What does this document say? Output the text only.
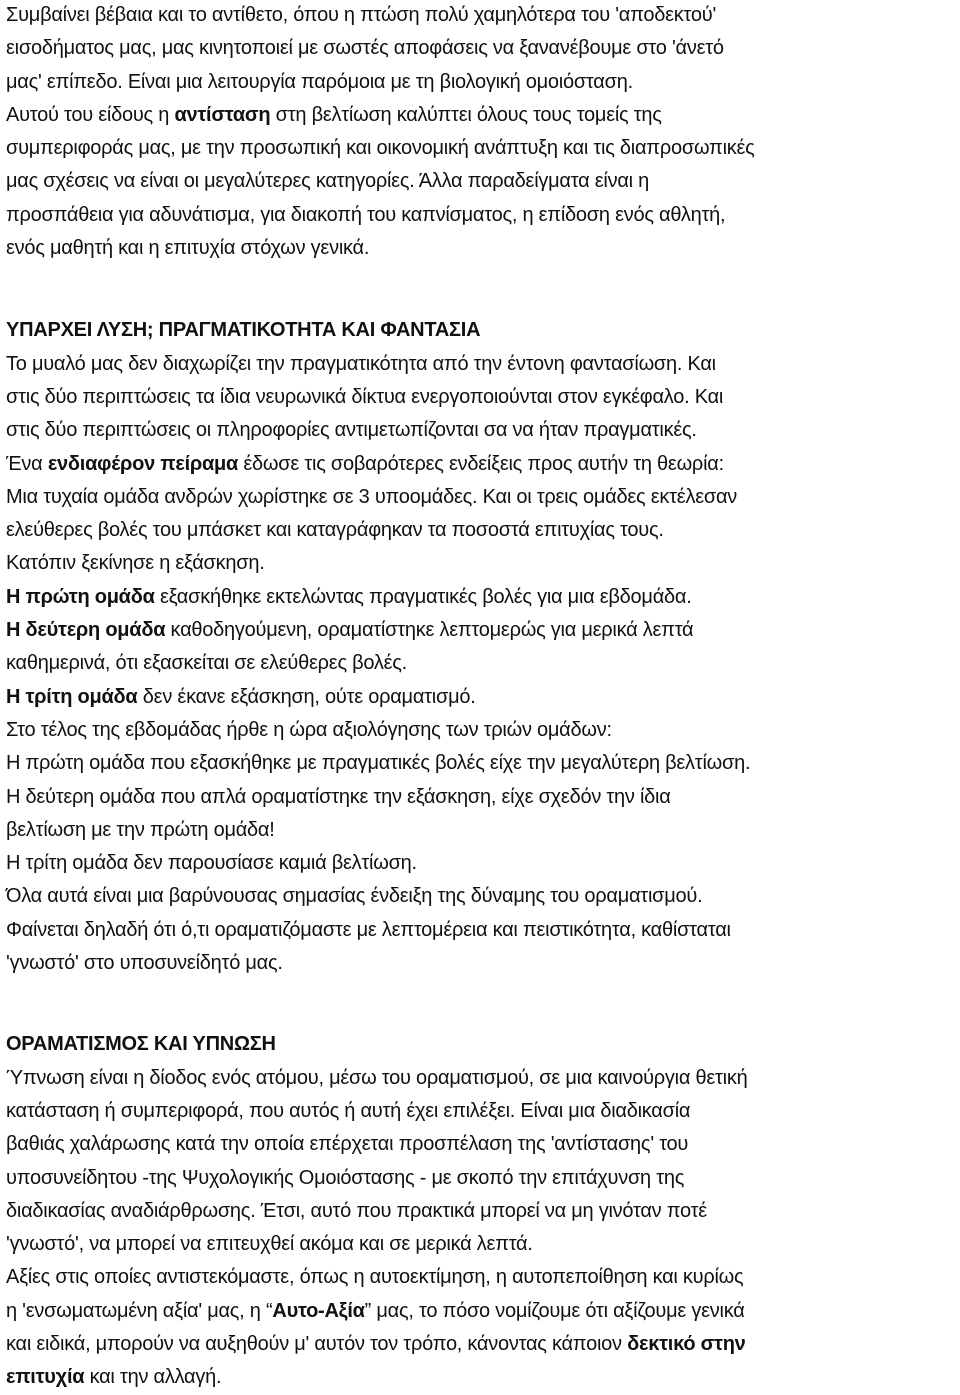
Συμβαίνει βέβαια και το αντίθετο, όπου η πτώση πολύ χαμηλότερα του 'αποδεκτού'
εισοδήματος μας, μας κινητοποιεί με σωστές αποφάσεις να ξανανέβουμε στο 'άνετό
μας' επίπεδο. Είναι μια λειτουργία παρόμοια με τη βιολογική ομοιόσταση.
Αυτού του είδους η αντίσταση στη βελτίωση καλύπτει όλους τους τομείς της
συμπεριφοράς μας, με την προσωπική και οικονομική ανάπτυξη και τις διαπροσωπικές
μας σχέσεις να είναι οι μεγαλύτερες κατηγορίες. Άλλα παραδείγματα είναι η
προσπάθεια για αδυνάτισμα, για διακοπή του καπνίσματος, η επίδοση ενός αθλητή,
ενός μαθητή και η επιτυχία στόχων γενικά.
ΥΠΑΡΧΕΙ ΛΥΣΗ; ΠΡΑΓΜΑΤΙΚΟΤΗΤΑ ΚΑΙ ΦΑΝΤΑΣΙΑ
Το μυαλό μας δεν διαχωρίζει την πραγματικότητα από την έντονη φαντασίωση. Και
στις δύο περιπτώσεις τα ίδια νευρωνικά δίκτυα ενεργοποιούνται στον εγκέφαλο. Και
στις δύο περιπτώσεις οι πληροφορίες αντιμετωπίζονται σα να ήταν πραγματικές.
Ένα ενδιαφέρον πείραμα έδωσε τις σοβαρότερες ενδείξεις προς αυτήν τη θεωρία:
Μια τυχαία ομάδα ανδρών χωρίστηκε σε 3 υποομάδες. Και οι τρεις ομάδες εκτέλεσαν
ελεύθερες βολές του μπάσκετ και καταγράφηκαν τα ποσοστά επιτυχίας τους.
Κατόπιν ξεκίνησε η εξάσκηση.
Η πρώτη ομάδα εξασκήθηκε εκτελώντας πραγματικές βολές για μια εβδομάδα.
Η δεύτερη ομάδα καθοδηγούμενη, οραματίστηκε λεπτομερώς για μερικά λεπτά
καθημερινά, ότι εξασκείται σε ελεύθερες βολές.
Η τρίτη ομάδα δεν έκανε εξάσκηση, ούτε οραματισμό.
Στο τέλος της εβδομάδας ήρθε η ώρα αξιολόγησης των τριών ομάδων:
Η πρώτη ομάδα που εξασκήθηκε με πραγματικές βολές είχε την μεγαλύτερη βελτίωση.
Η δεύτερη ομάδα που απλά οραματίστηκε την εξάσκηση, είχε σχεδόν την ίδια
βελτίωση με την πρώτη ομάδα!
Η τρίτη ομάδα δεν παρουσίασε καμιά βελτίωση.
Όλα αυτά είναι μια βαρύνουσας σημασίας ένδειξη της δύναμης του οραματισμού.
Φαίνεται δηλαδή ότι ό,τι οραματιζόμαστε με λεπτομέρεια και πειστικότητα, καθίσταται
'γνωστό' στο υποσυνείδητό μας.
ΟΡΑΜΑΤΙΣΜΟΣ ΚΑΙ ΥΠΝΩΣΗ
Ύπνωση είναι η δίοδος ενός ατόμου, μέσω του οραματισμού, σε μια καινούργια θετική
κατάσταση ή συμπεριφορά, που αυτός ή αυτή έχει επιλέξει. Είναι μια διαδικασία
βαθιάς χαλάρωσης κατά την οποία επέρχεται προσπέλαση της 'αντίστασης' του
υποσυνείδητου -της Ψυχολογικής Ομοιόστασης - με σκοπό την επιτάχυνση της
διαδικασίας αναδιάρθρωσης. Έτσι, αυτό που πρακτικά μπορεί να μη γινόταν ποτέ
'γνωστό', να μπορεί να επιτευχθεί ακόμα και σε μερικά λεπτά.
Αξίες στις οποίες αντιστεκόμαστε, όπως η αυτοεκτίμηση, η αυτοπεποίθηση και κυρίως
η 'ενσωματωμένη αξία' μας, η “Αυτο-Αξία” μας, το πόσο νομίζουμε ότι αξίζουμε γενικά
και ειδικά, μπορούν να αυξηθούν μ' αυτόν τον τρόπο, κάνοντας κάποιον δεκτικό στην
επιτυχία και την αλλαγή.
